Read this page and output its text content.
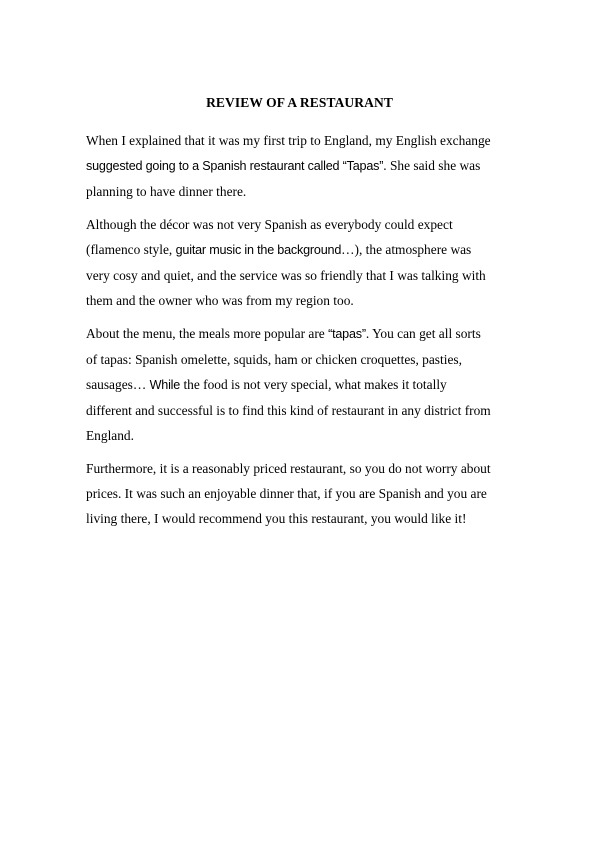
REVIEW OF A RESTAURANT
When I explained that it was my first trip to England, my English exchange
suggested going to a Spanish restaurant called “Tapas”. She said she was
planning to have dinner there.
Although the décor was not very Spanish as everybody could expect
(flamenco style, guitar music in the background…), the atmosphere was
very cosy and quiet, and the service was so friendly that I was talking with
them and the owner who was from my region too.
About the menu, the meals more popular are “tapas”. You can get all sorts
of tapas: Spanish omelette, squids, ham or chicken croquettes, pasties,
sausages… While the food is not very special, what makes it totally
different and successful is to find this kind of restaurant in any district from
England.
Furthermore, it is a reasonably priced restaurant, so you do not worry about
prices. It was such an enjoyable dinner that, if you are Spanish and you are
living there, I would recommend you this restaurant, you would like it!
